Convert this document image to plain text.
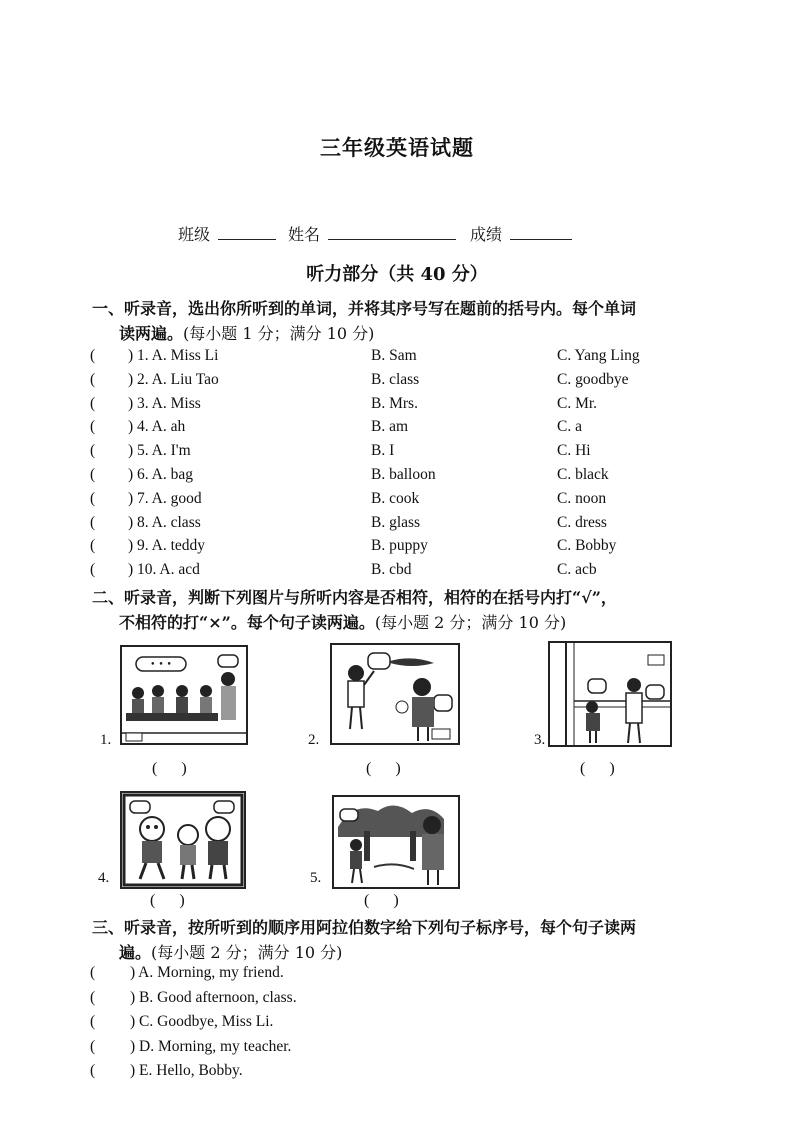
三年级英语试题
班级	姓名	成绩
听力部分（共 40 分）
一、听录音，选出你所听到的单词，并将其序号写在题前的括号内。每个单词
读两遍。(每小题 1 分；满分 10 分)
( ) 1. A. Miss Li	B. Sam	C. Yang Ling
( ) 2. A. Liu Tao	B. class	C. goodbye
( ) 3. A. Miss	B. Mrs.	C. Mr.
( ) 4. A. ah	B. am	C. a
( ) 5. A. I'm	B. I	C. Hi
( ) 6. A. bag	B. balloon	C. black
( ) 7. A. good	B. cook	C. noon
( ) 8. A. class	B. glass	C. dress
( ) 9. A. teddy	B. puppy	C. Bobby
( ) 10. A. acd	B. cbd	C. acb
二、听录音，判断下列图片与所听内容是否相符，相符的在括号内打“√”，
不相符的打“×”。每个句子读两遍。(每小题 2 分；满分 10 分)
• • •
1.
(      )
2.
(      )
3.
(      )
4.
(      )
5.
(      )
三、听录音，按所听到的顺序用阿拉伯数字给下列句子标序号，每个句子读两
遍。(每小题 2 分；满分 10 分)
( ) A. Morning, my friend.
( ) B. Good afternoon, class.
( ) C. Goodbye, Miss Li.
( ) D. Morning, my teacher.
( ) E. Hello, Bobby.
